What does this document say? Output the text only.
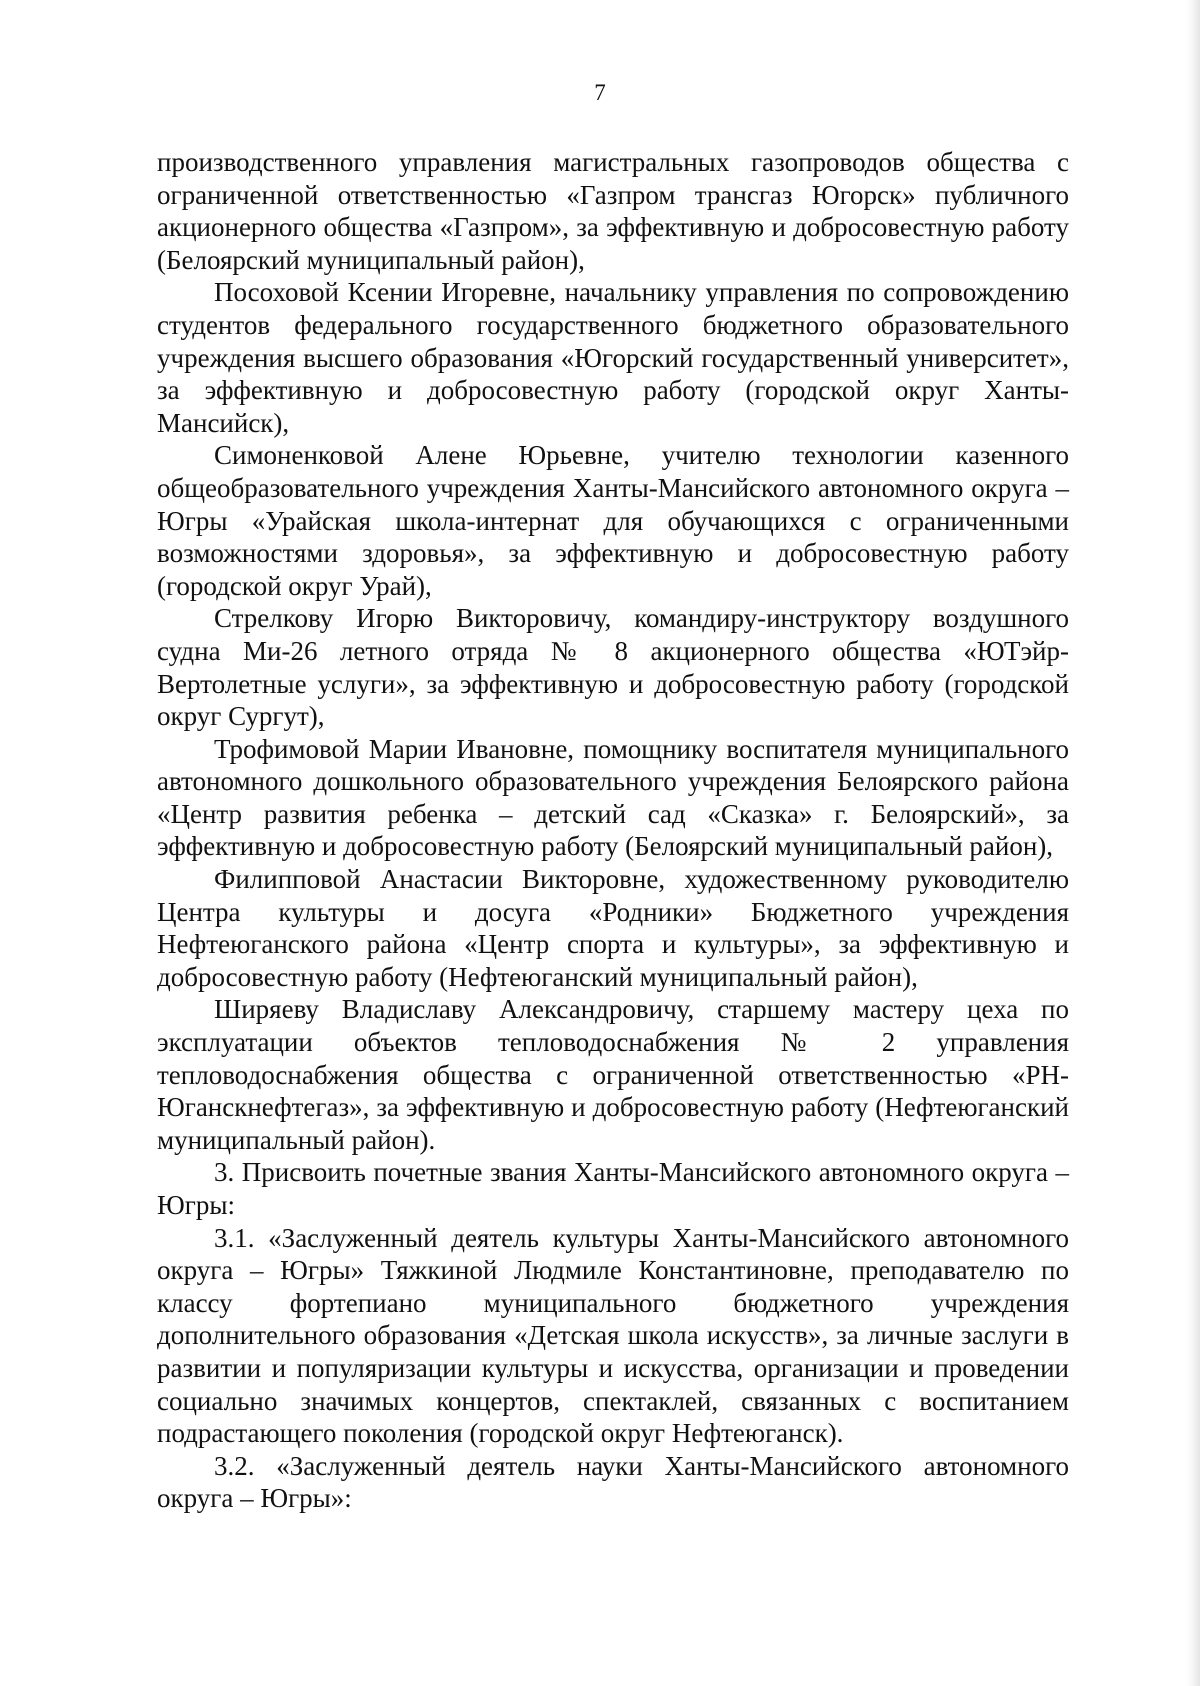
7

производственного управления магистральных газопроводов общества с ограниченной ответственностью «Газпром трансгаз Югорск» публичного акционерного общества «Газпром», за эффективную и добросовестную работу (Белоярский муниципальный район),

Посоховой Ксении Игоревне, начальнику управления по сопровождению студентов федерального государственного бюджетного образовательного учреждения высшего образования «Югорский государственный университет», за эффективную и добросовестную работу (городской округ Ханты-Мансийск),

Симоненковой Алене Юрьевне, учителю технологии казенного общеобразовательного учреждения Ханты-Мансийского автономного округа – Югры «Урайская школа-интернат для обучающихся с ограниченными возможностями здоровья», за эффективную и добросовестную работу (городской округ Урай),

Стрелкову Игорю Викторовичу, командиру-инструктору воздушного судна Ми-26 летного отряда № 8 акционерного общества «ЮТэйр-Вертолетные услуги», за эффективную и добросовестную работу (городской округ Сургут),

Трофимовой Марии Ивановне, помощнику воспитателя муниципального автономного дошкольного образовательного учреждения Белоярского района «Центр развития ребенка – детский сад «Сказка» г. Белоярский», за эффективную и добросовестную работу (Белоярский муниципальный район),

Филипповой Анастасии Викторовне, художественному руководителю Центра культуры и досуга «Родники» Бюджетного учреждения Нефтеюганского района «Центр спорта и культуры», за эффективную и добросовестную работу (Нефтеюганский муниципальный район),

Ширяеву Владиславу Александровичу, старшему мастеру цеха по эксплуатации объектов тепловодоснабжения № 2 управления тепловодоснабжения общества с ограниченной ответственностью «РН-Юганскнефтегаз», за эффективную и добросовестную работу (Нефтеюганский муниципальный район).

3. Присвоить почетные звания Ханты-Мансийского автономного округа – Югры:

3.1. «Заслуженный деятель культуры Ханты-Мансийского автономного округа – Югры» Тяжкиной Людмиле Константиновне, преподавателю по классу фортепиано муниципального бюджетного учреждения дополнительного образования «Детская школа искусств», за личные заслуги в развитии и популяризации культуры и искусства, организации и проведении социально значимых концертов, спектаклей, связанных с воспитанием подрастающего поколения (городской округ Нефтеюганск).

3.2. «Заслуженный деятель науки Ханты-Мансийского автономного округа – Югры»:
